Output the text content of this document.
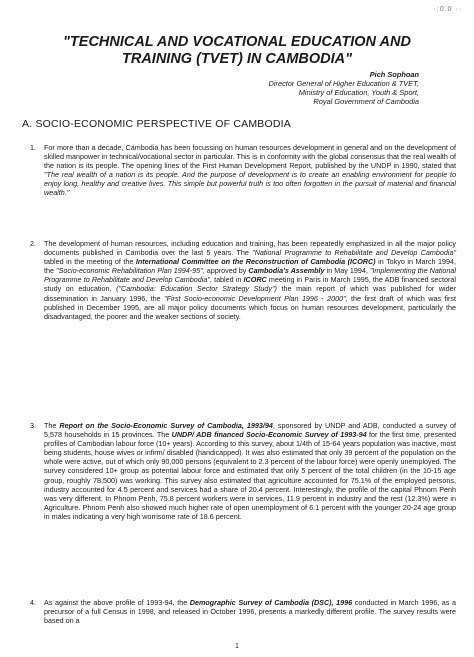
·:0.0 ··
"TECHNICAL AND VOCATIONAL EDUCATION AND TRAINING (TVET) IN CAMBODIA"
Pich Sophoan
Director General of Higher Education & TVET,
Ministry of Education, Youth & Sport,
Royal Government of Cambodia
A. SOCIO-ECONOMIC PERSPECTIVE OF CAMBODIA
1. For more than a decade, Cambodia has been focussing on human resources development in general and on the development of skilled manpower in technical/vocational sector in particular. This is in conformity with the global consensus that the real wealth of the nation is its people. The opening lines of the First Human Development Report, published by the UNDP in 1990, stated that "The real wealth of a nation is its people. And the purpose of development is to create an enabling environment for people to enjoy long, healthy and creative lives. This simple but powerful truth is too often forgotten in the pursuit of material and financial wealth."
2. The development of human resources, including education and training, has been repeatedly emphasized in all the major policy documents published in Cambodia over the last 5 years. The "National Programme to Rehabilitate and Develop Cambodia" tabled in the meeting of the International Committee on the Reconstruction of Cambodia (ICORC) in Tokyo in March 1994, the "Socio-economic Rehabilitation Plan 1994-95", approved by Cambodia's Assembly in May 1994, "Implementing the National Programme to Rehabilitate and Develop Cambodia", tabled in ICORC meeting in Paris in March 1995, the ADB financed sectoral study on education, ("Cambodia: Education Sector Strategy Study") the main report of which was published for wider dissemination in January 1996, the "First Socio-economic Development Plan 1996 - 2000", the first draft of which was first published in December 1995, are all major policy documents which focus on human resources development, particularly the disadvantaged, the poorer and the weaker sections of society.
3. The Report on the Socio-Economic Survey of Cambodia, 1993/94, sponsored by UNDP and ADB, conducted a survey of 5,578 households in 15 provinces. The UNDP/ ADB financed Socio-Economic Survey of 1993-94 for the first time, presented profiles of Cambodian labour force (10+ years). According to this survey, about 1/4th of 15-64 years population was inactive, most being students, house wives or infirm/ disabled (handicapped). It was also estimated that only 39 percent of the population on the whole were active, out of which only 90,000 persons (equivalent to 2.3 percent of the labour force) were openly unemployed. The survey considered 10+ group as potential labour force and estimated that only 5 percent of the total children (in the 10-15 age group, roughly 78,500) was working. This survey also estimated that agriculture accounted for 75.1% of the employed persons, industry accounted for 4.5 percent and services had a share of 20.4 percent. Interestingly, the profile of the capital Phnom Penh was very different. In Phnom Penh, 75.8 percent workers were in services, 11.9 percent in industry and the rest (12.3%) were in Agriculture. Phnom Penh also showed much higher rate of open unemployment of 6.1 percent with the younger 20-24 age group in males indicating a very high worrisome rate of 18.6 percent.
4. As against the above profile of 1993-94, the Demographic Survey of Cambodia (DSC), 1996 conducted in March 1996, as a precursor of a full Census in 1998, and released in October 1996, presents a markedly different profile. The survey results were based on a
1
